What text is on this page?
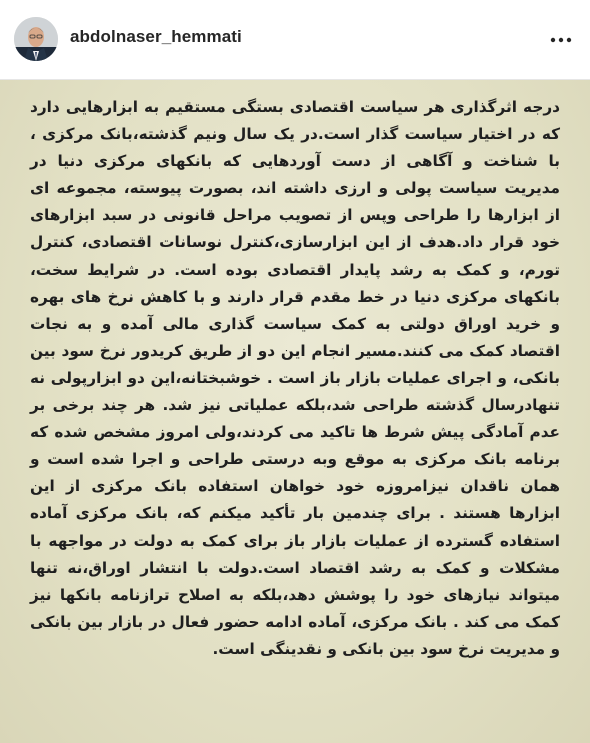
abdolnaser_hemmati

درجه اثرگذاری هر سیاست اقتصادی بستگی مستقیم به ابزارهایی دارد که در اختیار سیاست گذار است.در یک سال ونیم گذشته،بانک مرکزی ، با شناخت و آگاهی از دست آوردهایی که بانکهای مرکزی دنیا در مدیریت سیاست پولی و ارزی داشته اند، بصورت پیوسته، مجموعه ای از ابزارها را طراحی وپس از تصویب مراحل قانونی در سبد ابزارهای خود قرار داد.هدف از این ابزارسازی،کنترل نوسانات اقتصادی، کنترل تورم، و کمک به رشد پایدار اقتصادی بوده است. در شرایط سخت، بانکهای مرکزی دنیا در خط مقدم قرار دارند و با کاهش نرخ های بهره و خرید اوراق دولتی به کمک سیاست گذاری مالی آمده و به نجات اقتصاد کمک می کنند.مسیر انجام این دو از طریق کریدور نرخ سود بین بانکی، و اجرای عملیات بازار باز است . خوشبختانه،این دو ابزارپولی نه تنهادرسال گذشته طراحی شد،بلکه عملیاتی نیز شد. هر چند برخی بر عدم آمادگی پیش شرط ها تاکید می کردند،ولی امروز مشخص شده که برنامه بانک مرکزی به موقع وبه درستی طراحی و اجرا شده است و همان ناقدان نیزامروزه خود خواهان استفاده بانک مرکزی از این ابزارها هستند . برای چندمین بار تأکید میکنم که، بانک مرکزی آماده استفاده گسترده از عملیات بازار باز برای کمک به دولت در مواجهه با مشکلات و کمک به رشد اقتصاد است.دولت با انتشار اوراق،نه تنها میتواند نیازهای خود را پوشش دهد،بلکه به اصلاح ترازنامه بانکها نیز کمک می کند . بانک مرکزی، آماده ادامه حضور فعال در بازار بین بانکی و مدیریت نرخ سود بین بانکی و نقدینگی است.
